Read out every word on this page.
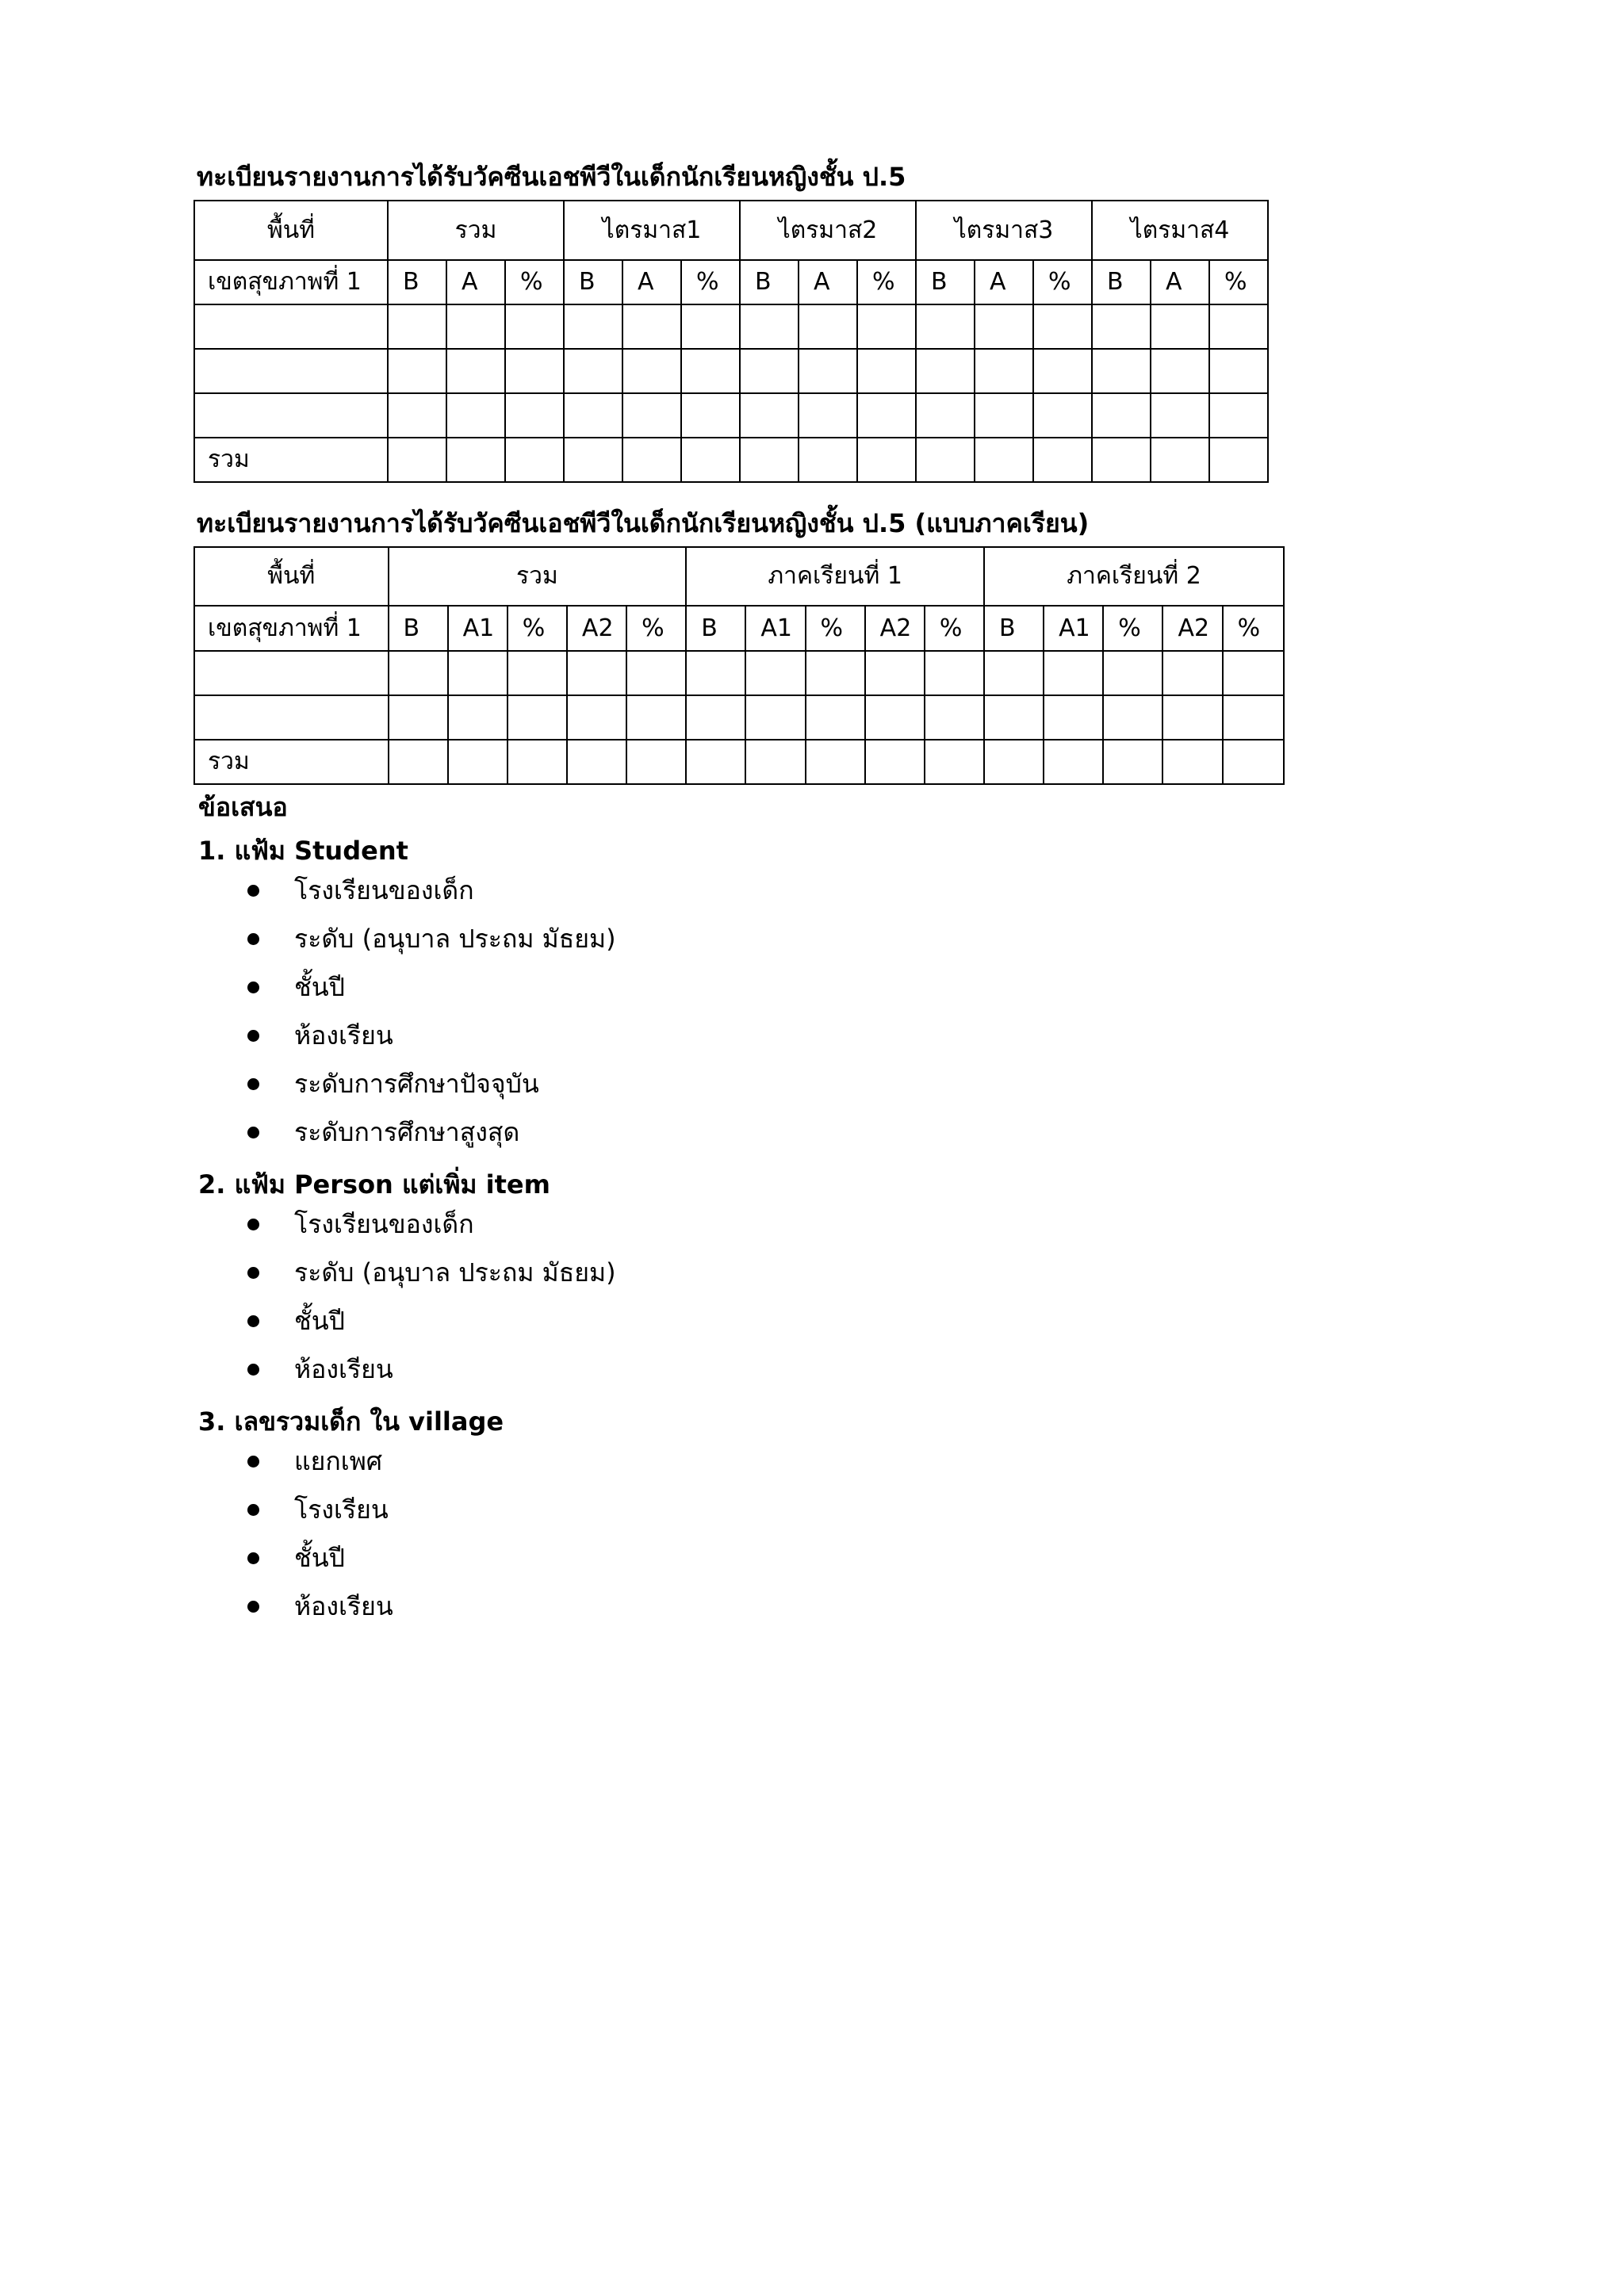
ทะเบียนรายงานการได้รับวัคซีนเอชพีวีในเด็กนักเรียนหญิงชั้น ป.5
พื้นที่	รวม			ไตรมาส1			ไตรมาส2			ไตรมาส3			ไตรมาส4		
เขตสุขภาพที่ 1	B	A	%	B	A	%	B	A	%	B	A	%	B	A	%

รวม															
ทะเบียนรายงานการได้รับวัคซีนเอชพีวีในเด็กนักเรียนหญิงชั้น ป.5 (แบบภาคเรียน)
พื้นที่	รวม					ภาคเรียนที่ 1					ภาคเรียนที่ 2				
เขตสุขภาพที่ 1	B	A1	%	A2	%	B	A1	%	A2	%	B	A1	%	A2	%

รวม															
ข้อเสนอ
1. แฟ้ม Student
โรงเรียนของเด็ก
ระดับ (อนุบาล ประถม มัธยม)
ชั้นปี
ห้องเรียน
ระดับการศึกษาปัจจุบัน
ระดับการศึกษาสูงสุด
2. แฟ้ม Person แต่เพิ่ม item
โรงเรียนของเด็ก
ระดับ (อนุบาล ประถม มัธยม)
ชั้นปี
ห้องเรียน
3. เลขรวมเด็ก ใน village
แยกเพศ
โรงเรียน
ชั้นปี
ห้องเรียน
